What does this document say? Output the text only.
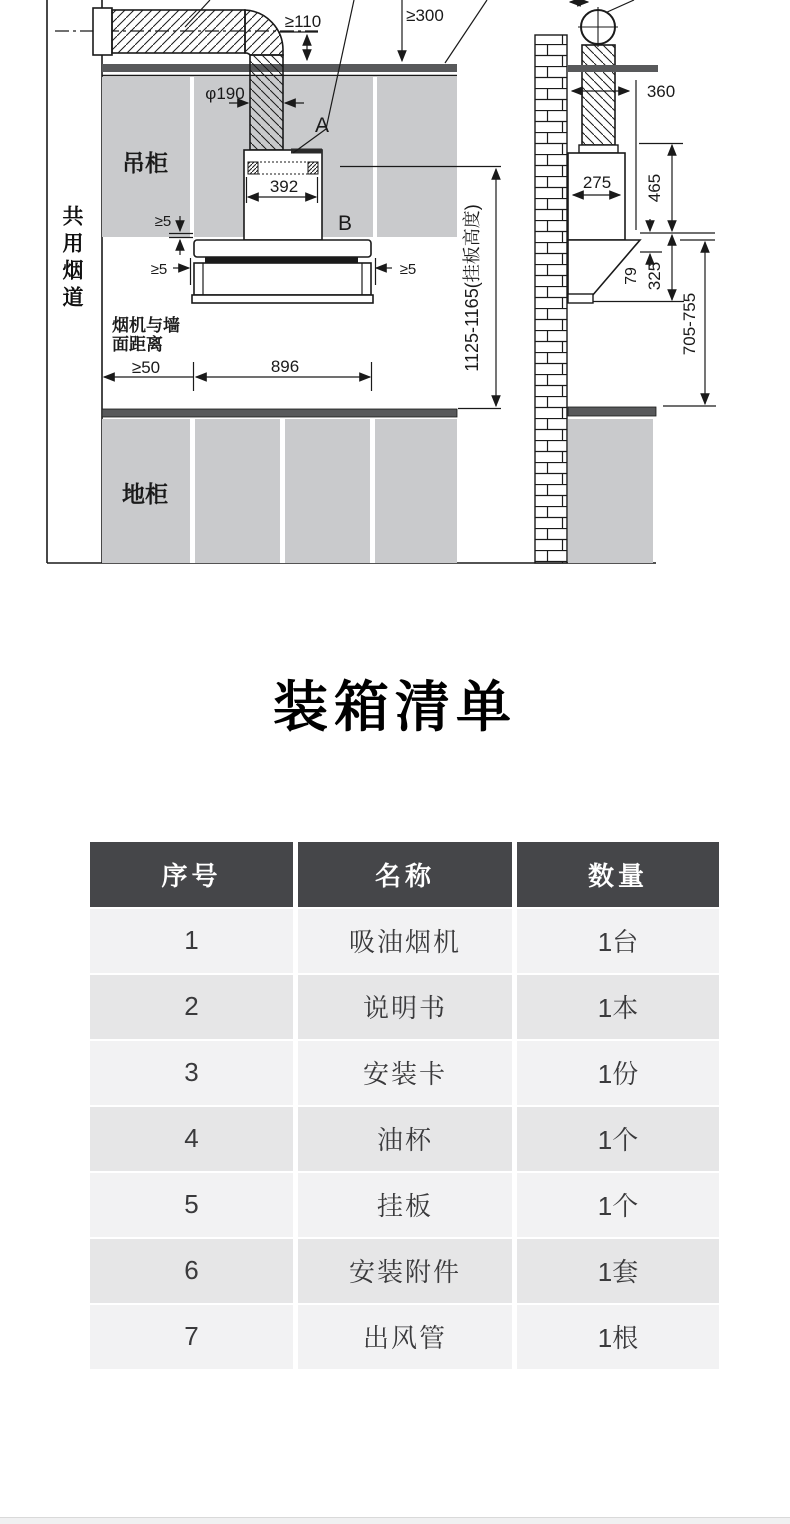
≥110	≥300
φ190
392
A
B
≥5
≥5	≥5
烟机与墙
面距离
≥50	896
吊柜
地柜
1125-1165(挂板高度)
360
275 465
79 325
705-755
共用烟道
装箱清单
序号	名称	数量
1	吸油烟机	1台
2	说明书	1本
3	安装卡	1份
4	油杯	1个
5	挂板	1个
6	安装附件	1套
7	出风管	1根
